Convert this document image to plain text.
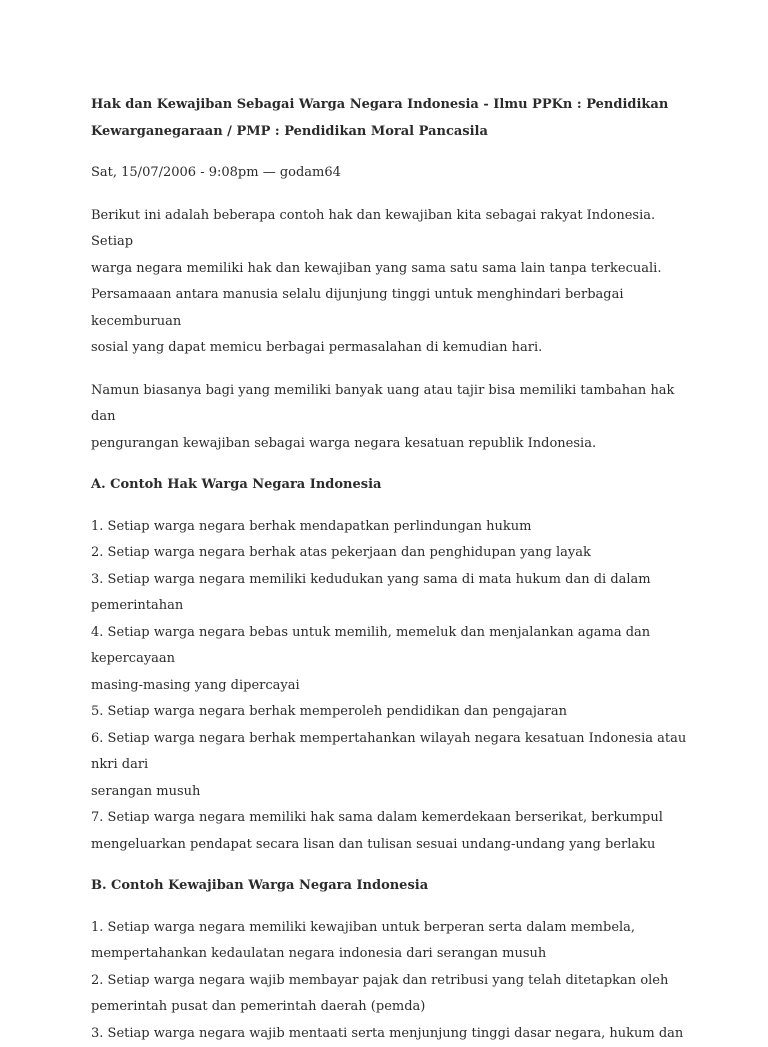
Hak dan Kewajiban Sebagai Warga Negara Indonesia - Ilmu PPKn : Pendidikan
Kewarganegaraan / PMP : Pendidikan Moral Pancasila
Sat, 15/07/2006 - 9:08pm — godam64

Berikut ini adalah beberapa contoh hak dan kewajiban kita sebagai rakyat Indonesia. Setiap
warga negara memiliki hak dan kewajiban yang sama satu sama lain tanpa terkecuali.
Persamaaan antara manusia selalu dijunjung tinggi untuk menghindari berbagai kecemburuan
sosial yang dapat memicu berbagai permasalahan di kemudian hari.

Namun biasanya bagi yang memiliki banyak uang atau tajir bisa memiliki tambahan hak dan
pengurangan kewajiban sebagai warga negara kesatuan republik Indonesia.

A. Contoh Hak Warga Negara Indonesia
1. Setiap warga negara berhak mendapatkan perlindungan hukum
2. Setiap warga negara berhak atas pekerjaan dan penghidupan yang layak
3. Setiap warga negara memiliki kedudukan yang sama di mata hukum dan di dalam
pemerintahan
4. Setiap warga negara bebas untuk memilih, memeluk dan menjalankan agama dan kepercayaan
masing-masing yang dipercayai
5. Setiap warga negara berhak memperoleh pendidikan dan pengajaran
6. Setiap warga negara berhak mempertahankan wilayah negara kesatuan Indonesia atau nkri dari
serangan musuh
7. Setiap warga negara memiliki hak sama dalam kemerdekaan berserikat, berkumpul
mengeluarkan pendapat secara lisan dan tulisan sesuai undang-undang yang berlaku
B. Contoh Kewajiban Warga Negara Indonesia
1. Setiap warga negara memiliki kewajiban untuk berperan serta dalam membela,
mempertahankan kedaulatan negara indonesia dari serangan musuh
2. Setiap warga negara wajib membayar pajak dan retribusi yang telah ditetapkan oleh
pemerintah pusat dan pemerintah daerah (pemda)
3. Setiap warga negara wajib mentaati serta menjunjung tinggi dasar negara, hukum dan
